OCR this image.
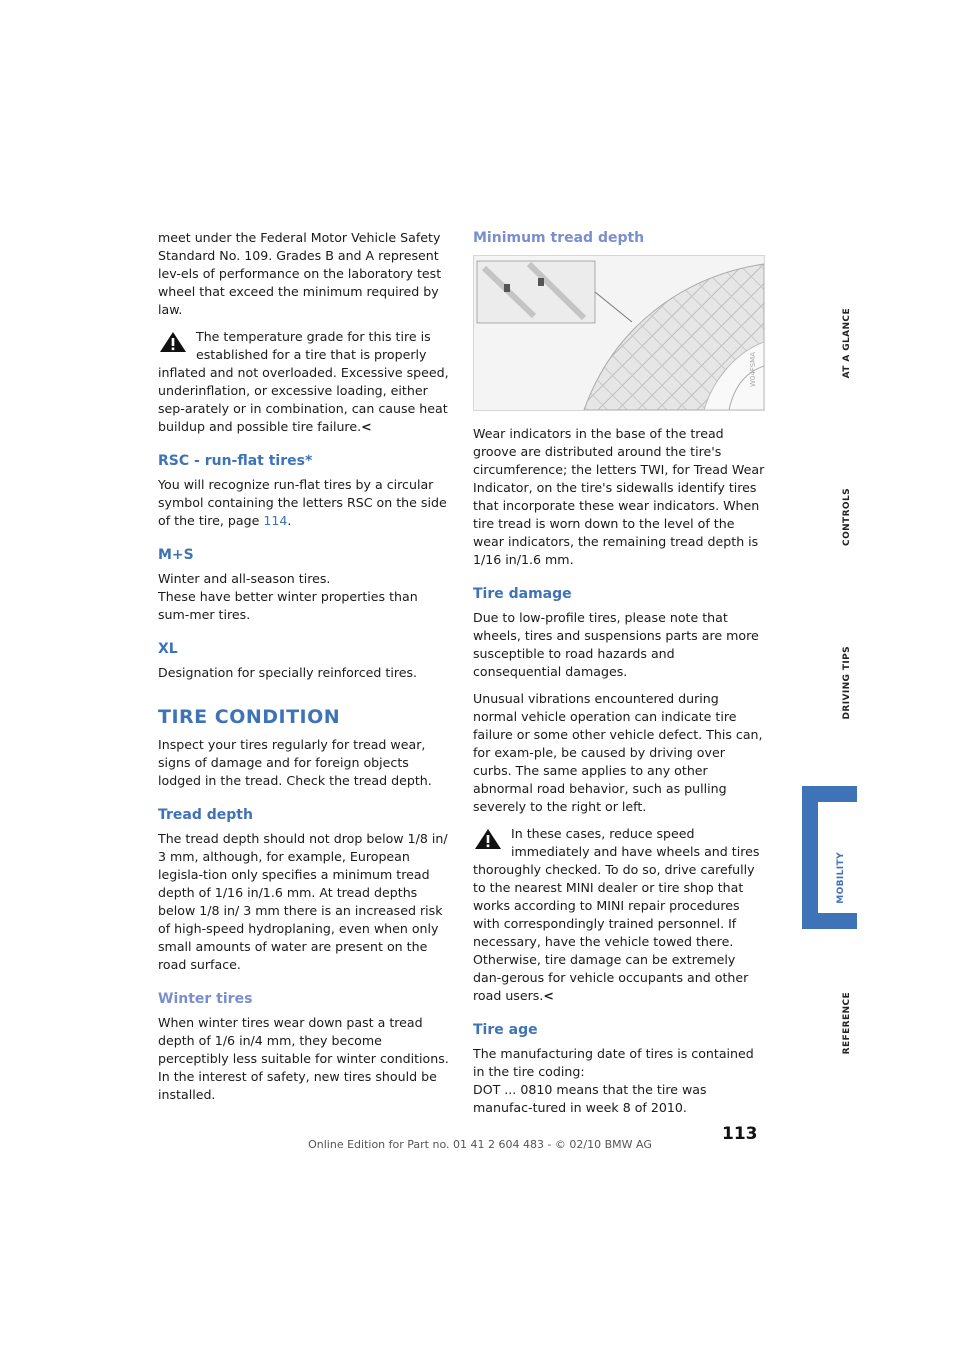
meet under the Federal Motor Vehicle Safety Standard No. 109. Grades B and A represent lev-els of performance on the laboratory test wheel that exceed the minimum required by law.

The temperature grade for this tire is established for a tire that is properly inflated and not overloaded. Excessive speed, underinflation, or excessive loading, either sep-arately or in combination, can cause heat buildup and possible tire failure.<

RSC - run-flat tires*

You will recognize run-flat tires by a circular symbol containing the letters RSC on the side of the tire, page 114.

M+S

Winter and all-season tires.

These have better winter properties than sum-mer tires.

XL

Designation for specially reinforced tires.

TIRE CONDITION

Inspect your tires regularly for tread wear, signs of damage and for foreign objects lodged in the tread. Check the tread depth.

Tread depth

The tread depth should not drop below 1/8 in/ 3 mm, although, for example, European legisla-tion only specifies a minimum tread depth of 1/16 in/1.6 mm. At tread depths below 1/8 in/ 3 mm there is an increased risk of high-speed hydroplaning, even when only small amounts of water are present on the road surface.

Winter tires

When winter tires wear down past a tread depth of 1/6 in/4 mm, they become perceptibly less suitable for winter conditions. In the interest of safety, new tires should be installed.

Minimum tread depth
W04FSMA

Wear indicators in the base of the tread groove are distributed around the tire's circumference; the letters TWI, for Tread Wear Indicator, on the tire's sidewalls identify tires that incorporate these wear indicators. When tire tread is worn down to the level of the wear indicators, the remaining tread depth is 1/16 in/1.6 mm.

Tire damage

Due to low-profile tires, please note that wheels, tires and suspensions parts are more susceptible to road hazards and consequential damages.

Unusual vibrations encountered during normal vehicle operation can indicate tire failure or some other vehicle defect. This can, for exam-ple, be caused by driving over curbs. The same applies to any other abnormal road behavior, such as pulling severely to the right or left.

In these cases, reduce speed immediately and have wheels and tires thoroughly checked. To do so, drive carefully to the nearest MINI dealer or tire shop that works according to MINI repair procedures with correspondingly trained personnel. If necessary, have the vehicle towed there.

Otherwise, tire damage can be extremely dan-gerous for vehicle occupants and other road users.<

Tire age

The manufacturing date of tires is contained in the tire coding:

DOT ... 0810 means that the tire was manufac-tured in week 8 of 2010.

AT A GLANCE
CONTROLS
DRIVING TIPS
MOBILITY
REFERENCE
113
Online Edition for Part no. 01 41 2 604 483 - © 02/10 BMW AG
